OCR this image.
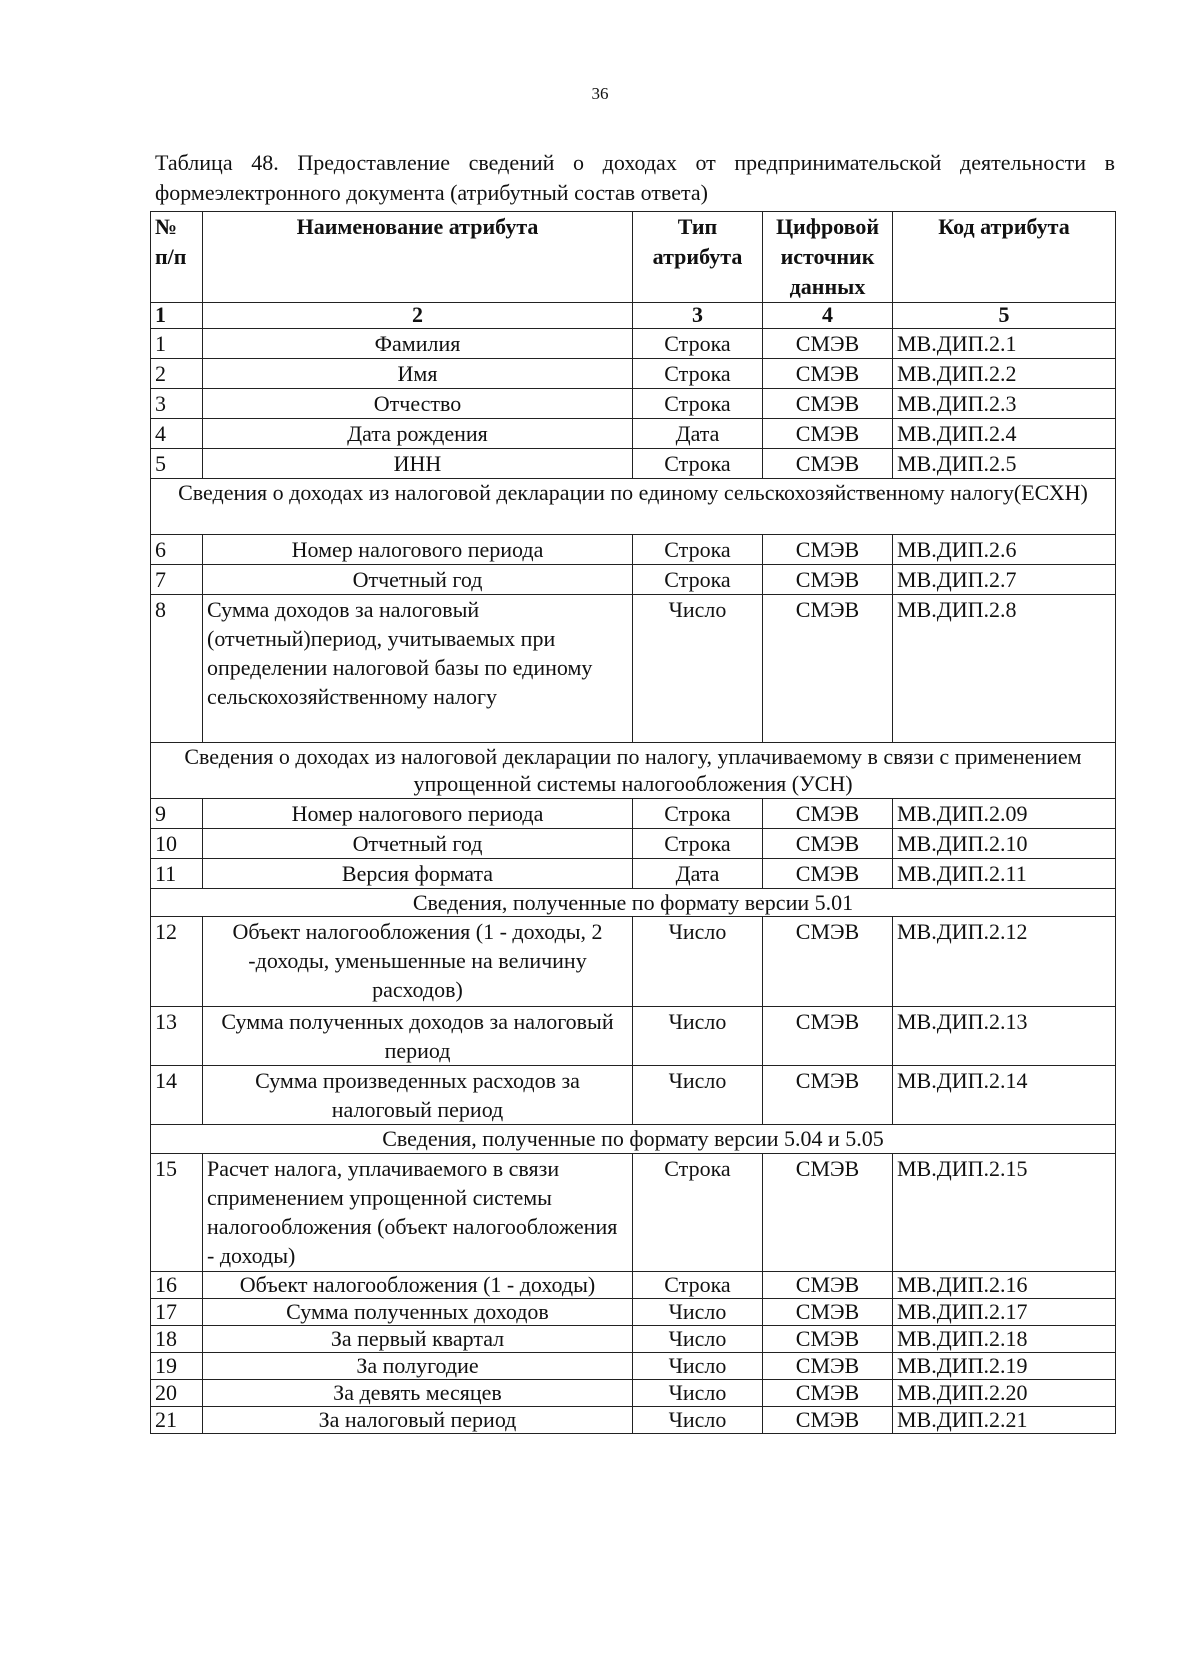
36
Таблица 48. Предоставление сведений о доходах от предпринимательской деятельности в формеэлектронного документа (атрибутный состав ответа)
№ п/п	Наименование атрибута	Тип атрибута	Цифровой источник данных	Код атрибута
1	2	3	4	5
1	Фамилия	Строка	СМЭВ	МВ.ДИП.2.1
2	Имя	Строка	СМЭВ	МВ.ДИП.2.2
3	Отчество	Строка	СМЭВ	МВ.ДИП.2.3
4	Дата рождения	Дата	СМЭВ	МВ.ДИП.2.4
5	ИНН	Строка	СМЭВ	МВ.ДИП.2.5
Сведения о доходах из налоговой декларации по единому сельскохозяйственному налогу(ЕСХН)				
6	Номер налогового периода	Строка	СМЭВ	МВ.ДИП.2.6
7	Отчетный год	Строка	СМЭВ	МВ.ДИП.2.7
8	Сумма доходов за налоговый (отчетный)период, учитываемых при определении налоговой базы по единому сельскохозяйственному налогу	Число	СМЭВ	МВ.ДИП.2.8
Сведения о доходах из налоговой декларации по налогу, уплачиваемому в связи с применением упрощенной системы налогообложения (УСН)				
9	Номер налогового периода	Строка	СМЭВ	МВ.ДИП.2.09
10	Отчетный год	Строка	СМЭВ	МВ.ДИП.2.10
11	Версия формата	Дата	СМЭВ	МВ.ДИП.2.11
Сведения, полученные по формату версии 5.01				
12	Объект налогообложения (1 - доходы, 2 -доходы, уменьшенные на величину расходов)	Число	СМЭВ	МВ.ДИП.2.12
13	Сумма полученных доходов за налоговый период	Число	СМЭВ	МВ.ДИП.2.13
14	Сумма произведенных расходов за налоговый период	Число	СМЭВ	МВ.ДИП.2.14
Сведения, полученные по формату версии 5.04 и 5.05				
15	Расчет налога, уплачиваемого в связи сприменением упрощенной системы налогообложения (объект налогообложения - доходы)	Строка	СМЭВ	МВ.ДИП.2.15
16	Объект налогообложения (1 - доходы)	Строка	СМЭВ	МВ.ДИП.2.16
17	Сумма полученных доходов	Число	СМЭВ	МВ.ДИП.2.17
18	За первый квартал	Число	СМЭВ	МВ.ДИП.2.18
19	За полугодие	Число	СМЭВ	МВ.ДИП.2.19
20	За девять месяцев	Число	СМЭВ	МВ.ДИП.2.20
21	За налоговый период	Число	СМЭВ	МВ.ДИП.2.21
